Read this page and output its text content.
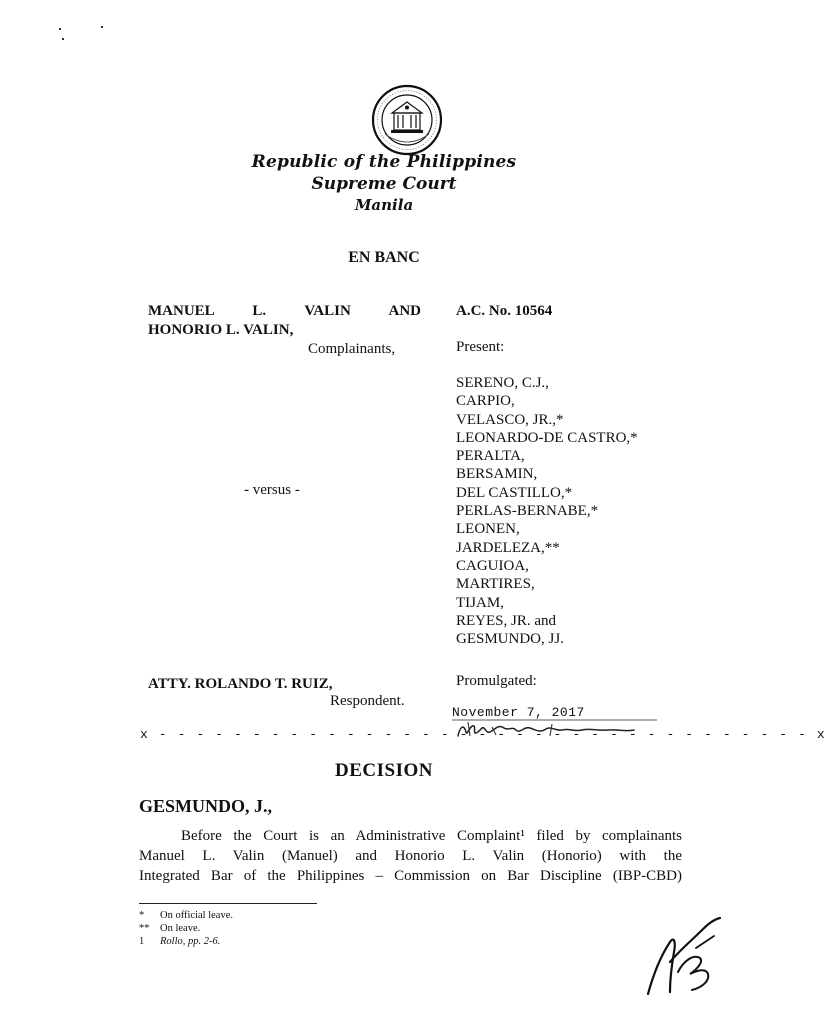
Republic of the Philippines
Supreme Court
Manila
EN BANC
MANUEL	L.	VALIN	AND
HONORIO L. VALIN,
Complainants,
A.C. No. 10564
Present:
SERENO, C.J.,
CARPIO,
VELASCO, JR.,*
LEONARDO-DE CASTRO,*
PERALTA,
BERSAMIN,
DEL CASTILLO,*
PERLAS-BERNABE,*
LEONEN,
JARDELEZA,**
CAGUIOA,
MARTIRES,
TIJAM,
REYES, JR. and
GESMUNDO, JJ.
- versus -
ATTY. ROLANDO T. RUIZ,
Respondent.
Promulgated:
November 7, 2017
x - - - - - - - - - - - - - - - - - - - - - - - - - - - - - - - - - - - x
DECISION
GESMUNDO, J.,
Before the Court is an Administrative Complaint¹ filed by complainants
Manuel L. Valin (Manuel) and Honorio L. Valin (Honorio) with the
Integrated Bar of the Philippines – Commission on Bar Discipline (IBP-CBD)
* On official leave.
** On leave.
1 Rollo, pp. 2-6.
